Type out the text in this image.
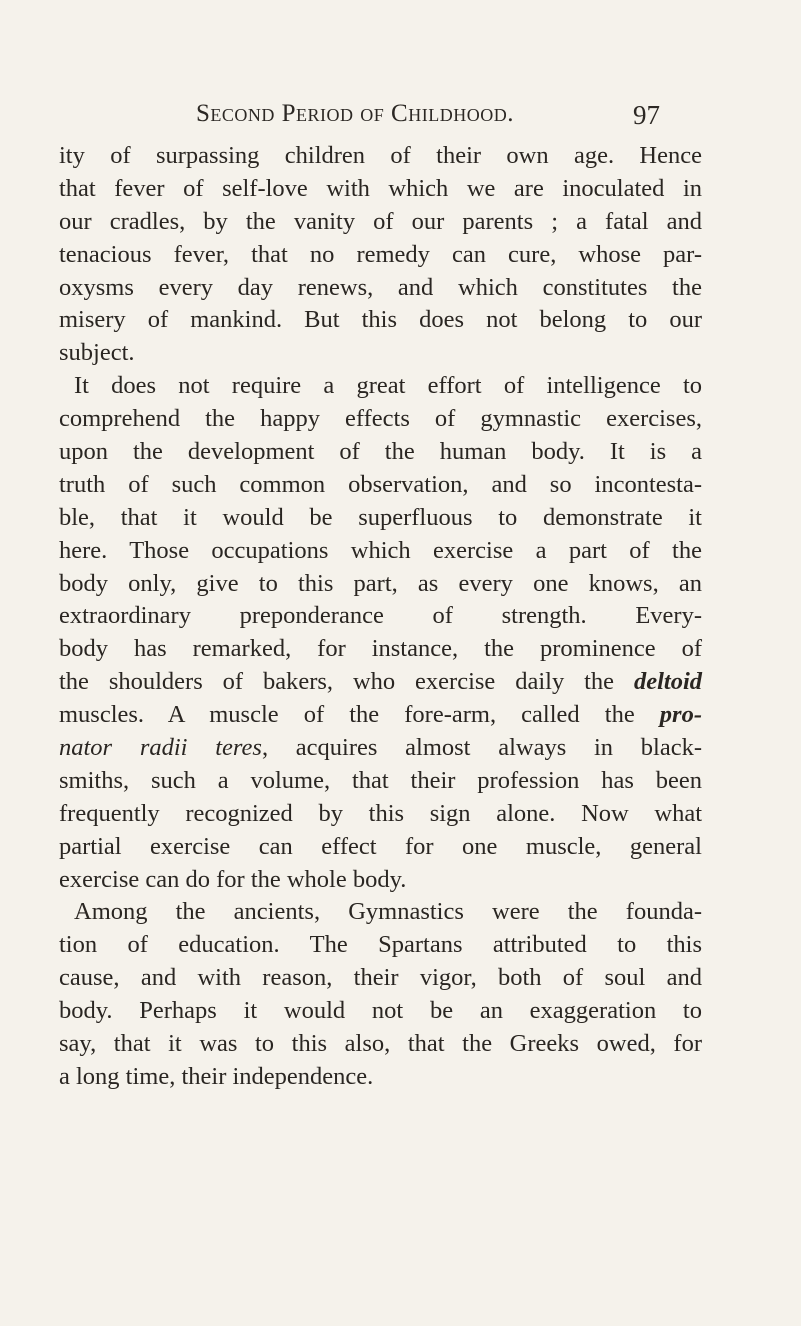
Second Period of Childhood.	97
ity of surpassing children of their own age. Hence
that fever of self-love with which we are inoculated in
our cradles, by the vanity of our parents ; a fatal and
tenacious fever, that no remedy can cure, whose par-
oxysms every day renews, and which constitutes the
misery of mankind. But this does not belong to our
subject.
It does not require a great effort of intelligence to
comprehend the happy effects of gymnastic exercises,
upon the development of the human body. It is a
truth of such common observation, and so incontesta-
ble, that it would be superfluous to demonstrate it
here. Those occupations which exercise a part of the
body only, give to this part, as every one knows, an
extraordinary preponderance of strength. Every-
body has remarked, for instance, the prominence of
the shoulders of bakers, who exercise daily the deltoid
muscles. A muscle of the fore-arm, called the pro-
nator radii teres, acquires almost always in black-
smiths, such a volume, that their profession has been
frequently recognized by this sign alone. Now what
partial exercise can effect for one muscle, general
exercise can do for the whole body.
Among the ancients, Gymnastics were the founda-
tion of education. The Spartans attributed to this
cause, and with reason, their vigor, both of soul and
body. Perhaps it would not be an exaggeration to
say, that it was to this also, that the Greeks owed, for
a long time, their independence.
